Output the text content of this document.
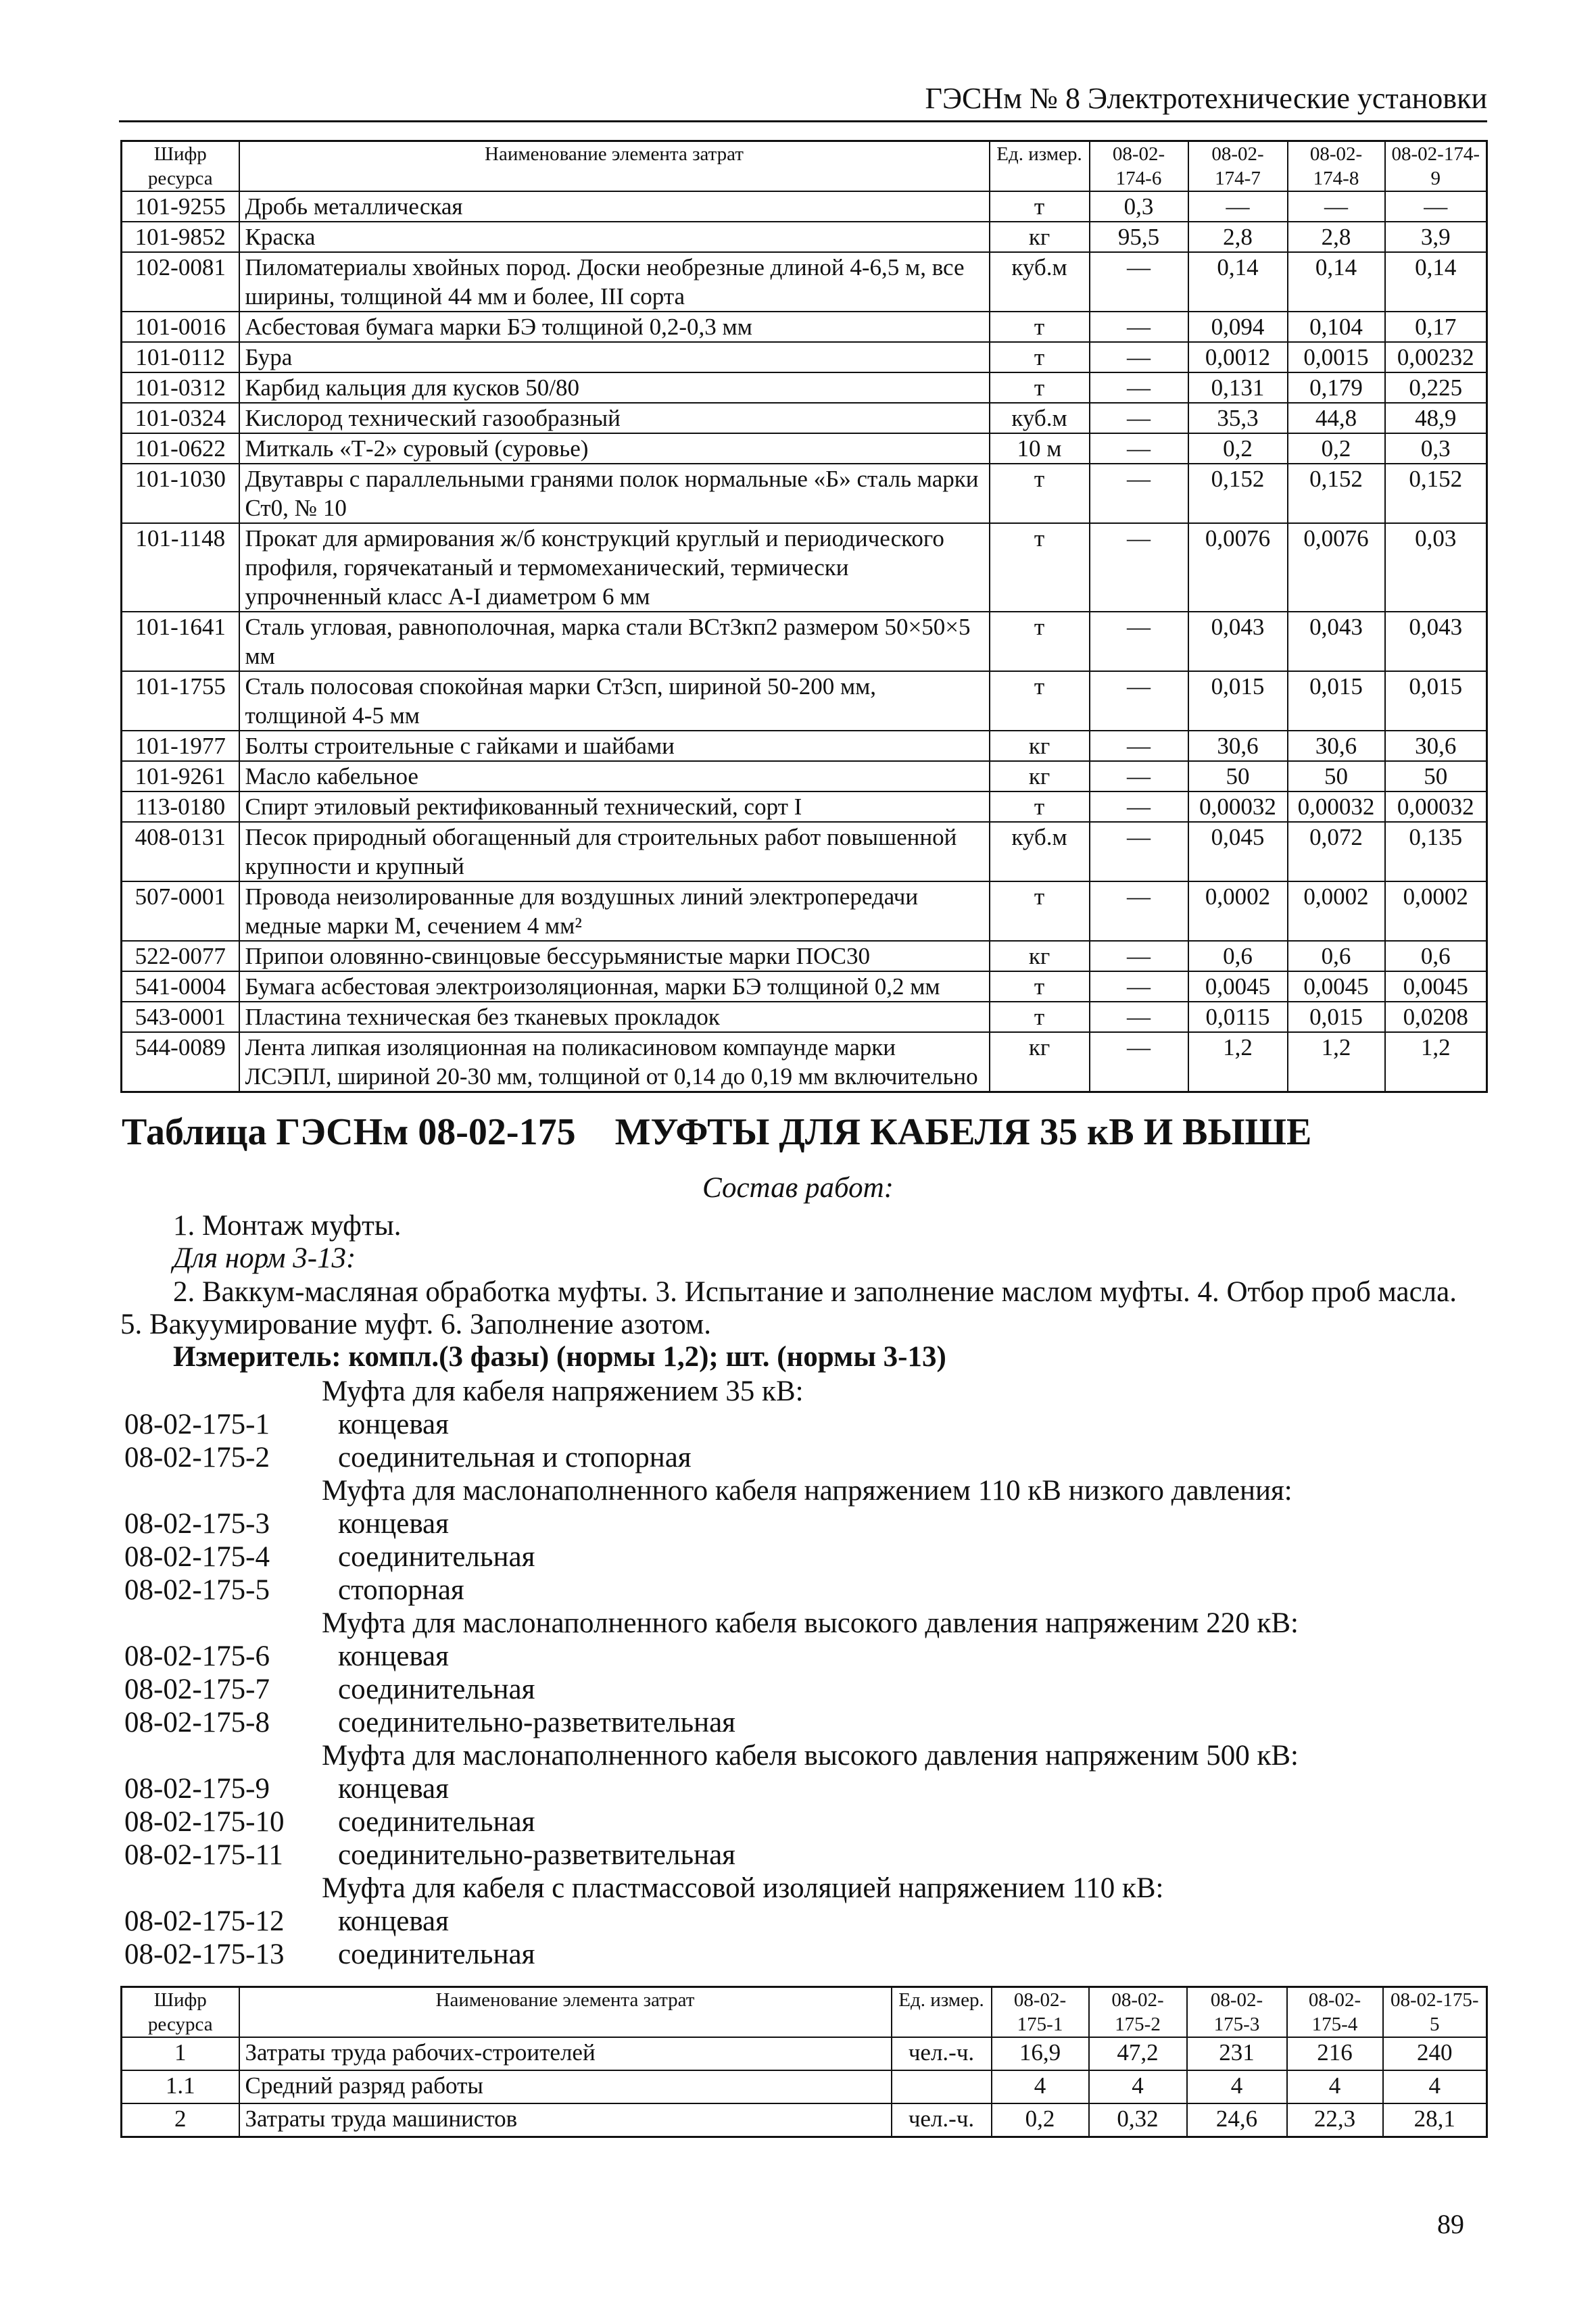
ГЭСНм № 8 Электротехнические установки
Шифр ресурса	Наименование элемента затрат	Ед. измер.	08-02-174-6	08-02-174-7	08-02-174-8	08-02-174-9
101-9255	Дробь металлическая	т	0,3	—	—	—
101-9852	Краска	кг	95,5	2,8	2,8	3,9
102-0081	Пиломатериалы хвойных пород. Доски необрезные длиной 4-6,5 м, все ширины, толщиной 44 мм и более, III сорта	куб.м	—	0,14	0,14	0,14
101-0016	Асбестовая бумага марки БЭ толщиной 0,2-0,3 мм	т	—	0,094	0,104	0,17
101-0112	Бура	т	—	0,0012	0,0015	0,00232
101-0312	Карбид кальция для кусков 50/80	т	—	0,131	0,179	0,225
101-0324	Кислород технический газообразный	куб.м	—	35,3	44,8	48,9
101-0622	Миткаль «Т-2» суровый (суровье)	10 м	—	0,2	0,2	0,3
101-1030	Двутавры с параллельными гранями полок нормальные «Б» сталь марки Ст0, № 10	т	—	0,152	0,152	0,152
101-1148	Прокат для армирования ж/б конструкций круглый и периодического профиля, горячекатаный и термомеханический, термически упрочненный класс А-I диаметром 6 мм	т	—	0,0076	0,0076	0,03
101-1641	Сталь угловая, равнополочная, марка стали ВСт3кп2 размером 50×50×5 мм	т	—	0,043	0,043	0,043
101-1755	Сталь полосовая спокойная марки Ст3сп, шириной 50-200 мм, толщиной 4-5 мм	т	—	0,015	0,015	0,015
101-1977	Болты строительные с гайками и шайбами	кг	—	30,6	30,6	30,6
101-9261	Масло кабельное	кг	—	50	50	50
113-0180	Спирт этиловый ректификованный технический, сорт I	т	—	0,00032	0,00032	0,00032
408-0131	Песок природный обогащенный для строительных работ повышенной крупности и крупный	куб.м	—	0,045	0,072	0,135
507-0001	Провода неизолированные для воздушных линий электропередачи медные марки М, сечением 4 мм²	т	—	0,0002	0,0002	0,0002
522-0077	Припои оловянно-свинцовые бессурьмянистые марки ПОС30	кг	—	0,6	0,6	0,6
541-0004	Бумага асбестовая электроизоляционная, марки БЭ толщиной 0,2 мм	т	—	0,0045	0,0045	0,0045
543-0001	Пластина техническая без тканевых прокладок	т	—	0,0115	0,015	0,0208
544-0089	Лента липкая изоляционная на поликасиновом компаунде марки ЛСЭПЛ, шириной 20-30 мм, толщиной от 0,14 до 0,19 мм включительно	кг	—	1,2	1,2	1,2
Таблица ГЭСНм 08-02-175 МУФТЫ ДЛЯ КАБЕЛЯ 35 кВ И ВЫШЕ
Состав работ:
1. Монтаж муфты.
Для норм 3-13:
2. Ваккум-масляная обработка муфты. 3. Испытание и заполнение маслом муфты. 4. Отбор проб масла.
5. Вакуумирование муфт. 6. Заполнение азотом.
Измеритель: компл.(3 фазы) (нормы 1,2); шт. (нормы 3-13)
Муфта для кабеля напряжением 35 кВ:
08-02-175-1 концевая
08-02-175-2 соединительная и стопорная
Муфта для маслонаполненного кабеля напряжением 110 кВ низкого давления:
08-02-175-3 концевая
08-02-175-4 соединительная
08-02-175-5 стопорная
Муфта для маслонаполненного кабеля высокого давления напряженим 220 кВ:
08-02-175-6 концевая
08-02-175-7 соединительная
08-02-175-8 соединительно-разветвительная
Муфта для маслонаполненного кабеля высокого давления напряженим 500 кВ:
08-02-175-9 концевая
08-02-175-10 соединительная
08-02-175-11 соединительно-разветвительная
Муфта для кабеля с пластмассовой изоляцией напряжением 110 кВ:
08-02-175-12 концевая
08-02-175-13 соединительная
Шифр ресурса	Наименование элемента затрат	Ед. измер.	08-02-175-1	08-02-175-2	08-02-175-3	08-02-175-4	08-02-175-5
1	Затраты труда рабочих-строителей	чел.-ч.	16,9	47,2	231	216	240
1.1	Средний разряд работы		4	4	4	4	4
2	Затраты труда машинистов	чел.-ч.	0,2	0,32	24,6	22,3	28,1
89
